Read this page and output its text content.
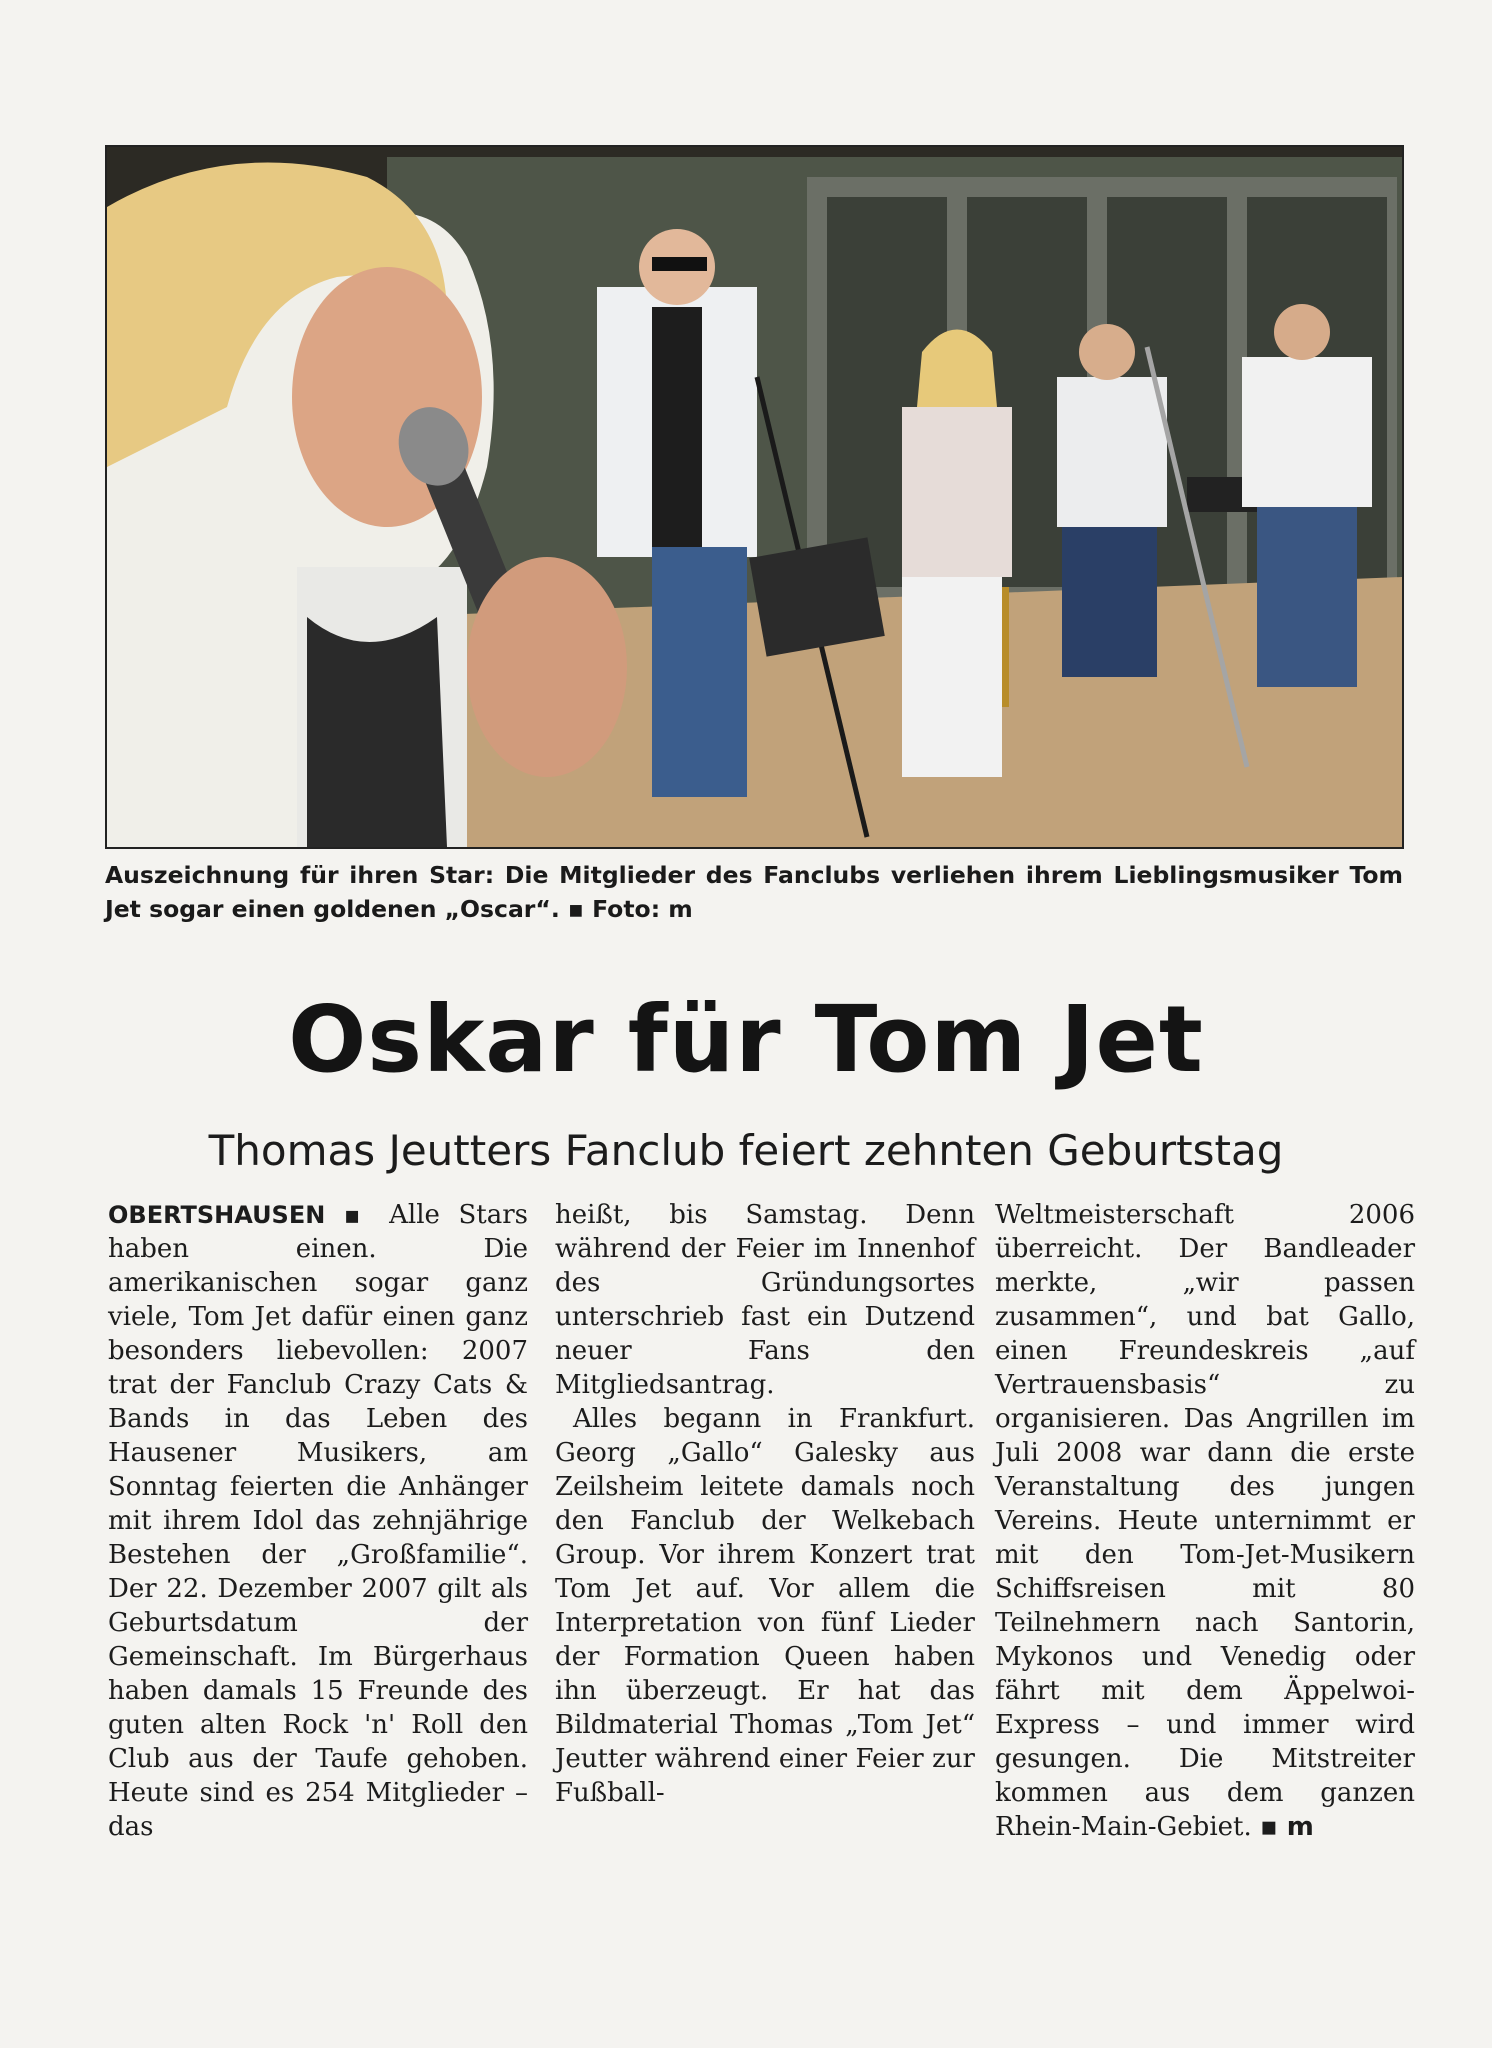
Auszeichnung für ihren Star: Die Mitglieder des Fanclubs verliehen ihrem Lieblingsmusiker Tom Jet sogar einen goldenen „Oscar“. ▪ Foto: m
Oskar für Tom Jet
Thomas Jeutters Fanclub feiert zehnten Geburtstag

OBERTSHAUSEN ▪ Alle Stars haben einen. Die amerikanischen sogar ganz viele, Tom Jet dafür einen ganz besonders liebevollen: 2007 trat der Fanclub Crazy Cats & Bands in das Leben des Hausener Musikers, am Sonntag feierten die Anhänger mit ihrem Idol das zehnjährige Bestehen der „Großfamilie“. Der 22. Dezember 2007 gilt als Geburtsdatum der Gemeinschaft. Im Bürgerhaus haben damals 15 Freunde des guten alten Rock 'n' Roll den Club aus der Taufe gehoben. Heute sind es 254 Mitglieder – das

heißt, bis Samstag. Denn während der Feier im Innenhof des Gründungsortes unterschrieb fast ein Dutzend neuer Fans den Mitgliedsantrag.

Alles begann in Frankfurt. Georg „Gallo“ Galesky aus Zeilsheim leitete damals noch den Fanclub der Welkebach Group. Vor ihrem Konzert trat Tom Jet auf. Vor allem die Interpretation von fünf Lieder der Formation Queen haben ihn überzeugt. Er hat das Bildmaterial Thomas „Tom Jet“ Jeutter während einer Feier zur Fußball-

Weltmeisterschaft 2006 überreicht. Der Bandleader merkte, „wir passen zusammen“, und bat Gallo, einen Freundeskreis „auf Vertrauensbasis“ zu organisieren. Das Angrillen im Juli 2008 war dann die erste Veranstaltung des jungen Vereins. Heute unternimmt er mit den Tom-Jet-Musikern Schiffsreisen mit 80 Teilnehmern nach Santorin, Mykonos und Venedig oder fährt mit dem Äppelwoi-Express – und immer wird gesungen. Die Mitstreiter kommen aus dem ganzen Rhein-Main-Gebiet. ▪ m
